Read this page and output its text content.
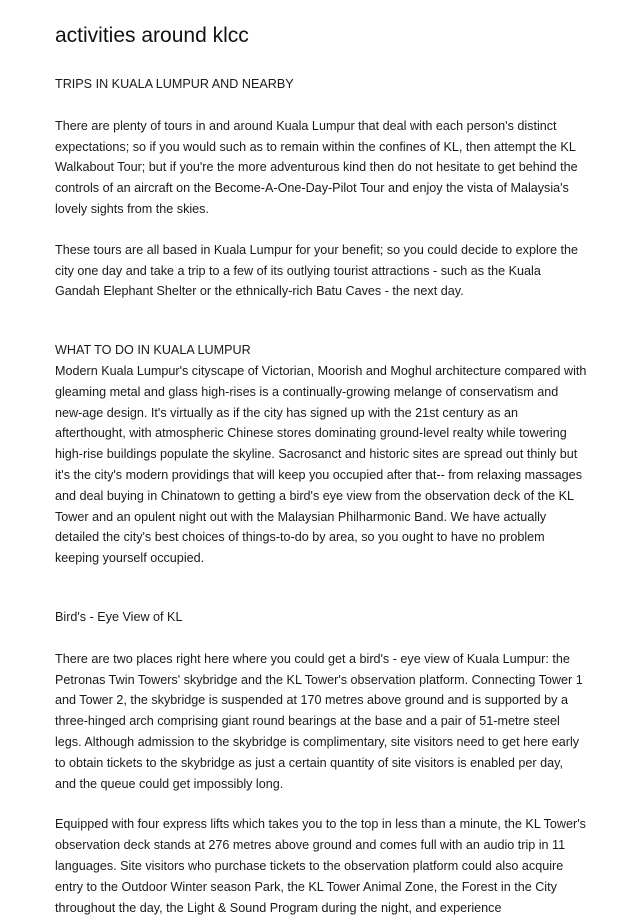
activities around klcc

TRIPS IN KUALA LUMPUR AND NEARBY

There are plenty of tours in and around Kuala Lumpur that deal with each person's distinct expectations; so if you would such as to remain within the confines of KL, then attempt the KL Walkabout Tour; but if you're the more adventurous kind then do not hesitate to get behind the controls of an aircraft on the Become-A-One-Day-Pilot Tour and enjoy the vista of Malaysia's lovely sights from the skies.

These tours are all based in Kuala Lumpur for your benefit; so you could decide to explore the city one day and take a trip to a few of its outlying tourist attractions - such as the Kuala Gandah Elephant Shelter or the ethnically-rich Batu Caves - the next day.

WHAT TO DO IN KUALA LUMPUR

Modern Kuala Lumpur's cityscape of Victorian, Moorish and Moghul architecture compared with gleaming metal and glass high-rises is a continually-growing melange of conservatism and new-age design. It's virtually as if the city has signed up with the 21st century as an afterthought, with atmospheric Chinese stores dominating ground-level realty while towering high-rise buildings populate the skyline. Sacrosanct and historic sites are spread out thinly but it's the city's modern providings that will keep you occupied after that-- from relaxing massages and deal buying in Chinatown to getting a bird's eye view from the observation deck of the KL Tower and an opulent night out with the Malaysian Philharmonic Band. We have actually detailed the city's best choices of things-to-do by area, so you ought to have no problem keeping yourself occupied.

Bird's - Eye View of KL

There are two places right here where you could get a bird's - eye view of Kuala Lumpur: the Petronas Twin Towers' skybridge and the KL Tower's observation platform. Connecting Tower 1 and Tower 2, the skybridge is suspended at 170 metres above ground and is supported by a three-hinged arch comprising giant round bearings at the base and a pair of 51-metre steel legs. Although admission to the skybridge is complimentary, site visitors need to get here early to obtain tickets to the skybridge as just a certain quantity of site visitors is enabled per day, and the queue could get impossibly long.

Equipped with four express lifts which takes you to the top in less than a minute, the KL Tower's observation deck stands at 276 metres above ground and comes full with an audio trip in 11 languages. Site visitors who purchase tickets to the observation platform could also acquire entry to the Outdoor Winter season Park, the KL Tower Animal Zone, the Forest in the City throughout the day, the Light & Sound Program during the night, and experience
